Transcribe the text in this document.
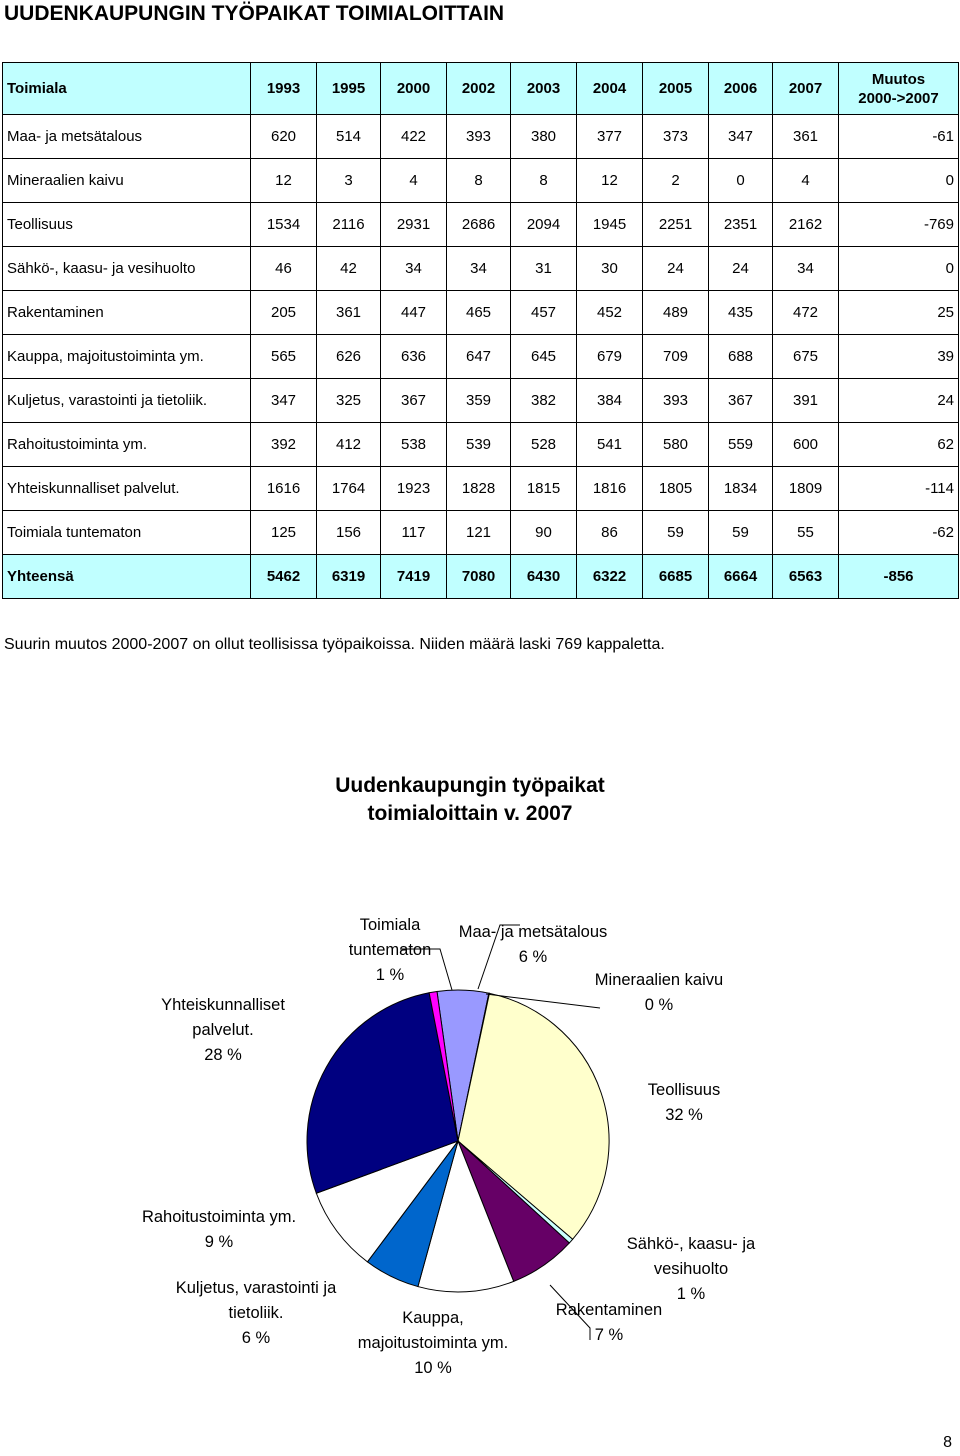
UUDENKAUPUNGIN TYÖPAIKAT TOIMIALOITTAIN
Toimiala	1993	1995	2000	2002	2003	2004	2005	2006	2007	Muutos
2000->2007
Maa- ja metsätalous	620	514	422	393	380	377	373	347	361	-61
Mineraalien kaivu	12	3	4	8	8	12	2	0	4	0
Teollisuus	1534	2116	2931	2686	2094	1945	2251	2351	2162	-769
Sähkö-, kaasu- ja vesihuolto	46	42	34	34	31	30	24	24	34	0
Rakentaminen	205	361	447	465	457	452	489	435	472	25
Kauppa, majoitustoiminta ym.	565	626	636	647	645	679	709	688	675	39
Kuljetus, varastointi ja tietoliik.	347	325	367	359	382	384	393	367	391	24
Rahoitustoiminta ym.	392	412	538	539	528	541	580	559	600	62
Yhteiskunnalliset palvelut.	1616	1764	1923	1828	1815	1816	1805	1834	1809	-114
Toimiala tuntematon	125	156	117	121	90	86	59	59	55	-62
Yhteensä	5462	6319	7419	7080	6430	6322	6685	6664	6563	-856

Suurin muutos 2000-2007 on ollut teollisissa työpaikoissa. Niiden määrä laski 769 kappaletta.

Uudenkaupungin työpaikat
toimialoittain v. 2007
Toimiala tuntematon 1 %
Maa- ja metsätalous 6 %
Mineraalien kaivu 0 %
Yhteiskunnalliset palvelut. 28 %
Teollisuus 32 %
Rahoitustoiminta ym. 9 %	Sähkö-, kaasu- ja vesihuolto 1 %
Kuljetus, varastointi ja tietoliik. 6 %
Rakentaminen 7 %
Kauppa, majoitustoiminta ym. 10 %

8
